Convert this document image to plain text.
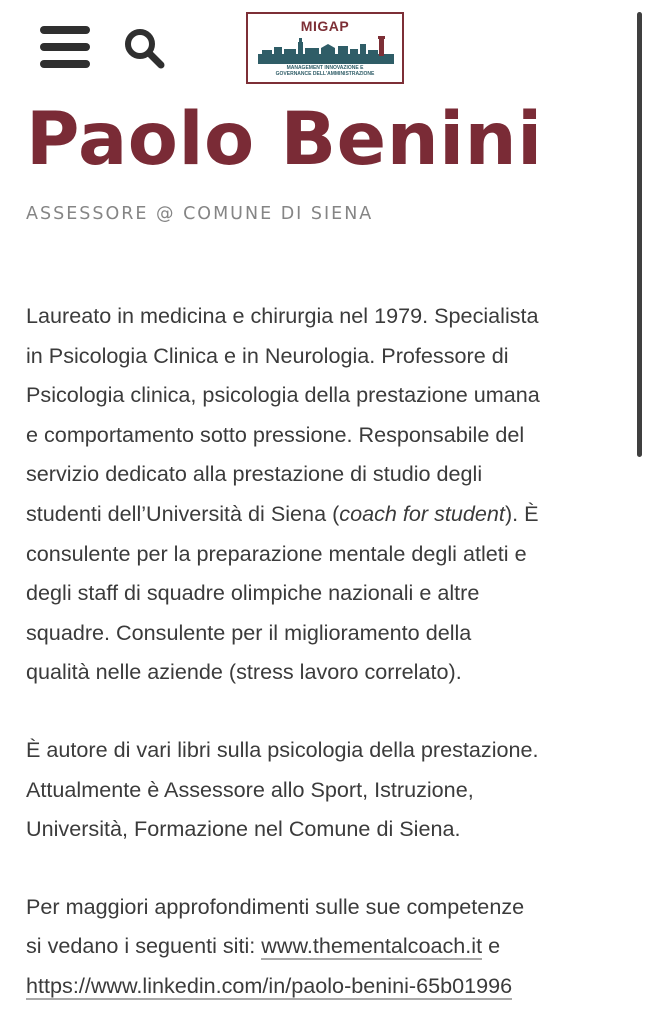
MIGAP
MANAGEMENT INNOVAZIONE E
GOVERNANCE DELL'AMMINISTRAZIONE
Paolo Benini
ASSESSORE @ COMUNE DI SIENA

Laureato in medicina e chirurgia nel 1979. Specialista
in Psicologia Clinica e in Neurologia. Professore di
Psicologia clinica, psicologia della prestazione umana
e comportamento sotto pressione. Responsabile del
servizio dedicato alla prestazione di studio degli
studenti dell’Università di Siena (coach for student). È
consulente per la preparazione mentale degli atleti e
degli staff di squadre olimpiche nazionali e altre
squadre. Consulente per il miglioramento della
qualità nelle aziende (stress lavoro correlato).

È autore di vari libri sulla psicologia della prestazione.
Attualmente è Assessore allo Sport, Istruzione,
Università, Formazione nel Comune di Siena.

Per maggiori approfondimenti sulle sue competenze
si vedano i seguenti siti: www.thementalcoach.it e
https://www.linkedin.com/in/paolo-benini-65b01996
